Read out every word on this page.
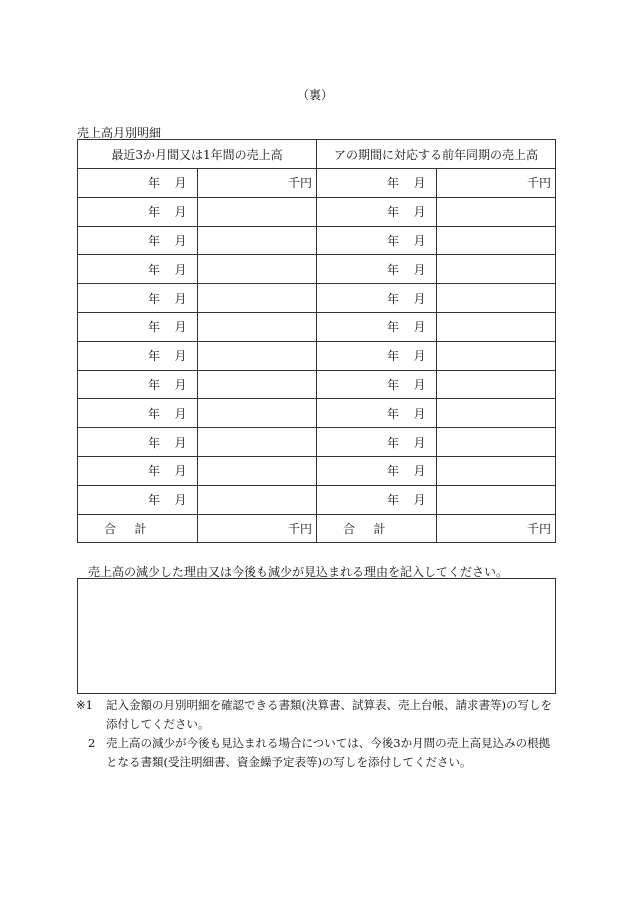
（裏）
売上高月別明細
最近3か月間又は1年間の売上高		アの期間に対応する前年同期の売上高	

年 月	千円	年 月	千円

年 月		年 月	

年 月		年 月	

年 月		年 月	

年 月		年 月	

年 月		年 月	

年 月		年 月	

年 月		年 月	

年 月		年 月	

年 月		年 月	

年 月		年 月	

年 月		年 月	

合 計	千円	合 計	千円
売上高の減少した理由又は今後も減少が見込まれる理由を記入してください。
※1	記入金額の月別明細を確認できる書類(決算書、試算表、売上台帳、請求書等)の写しを添付してください。
2 売上高の減少が今後も見込まれる場合については、今後3か月間の売上高見込みの根拠となる書類(受注明細書、資金繰予定表等)の写しを添付してください。
